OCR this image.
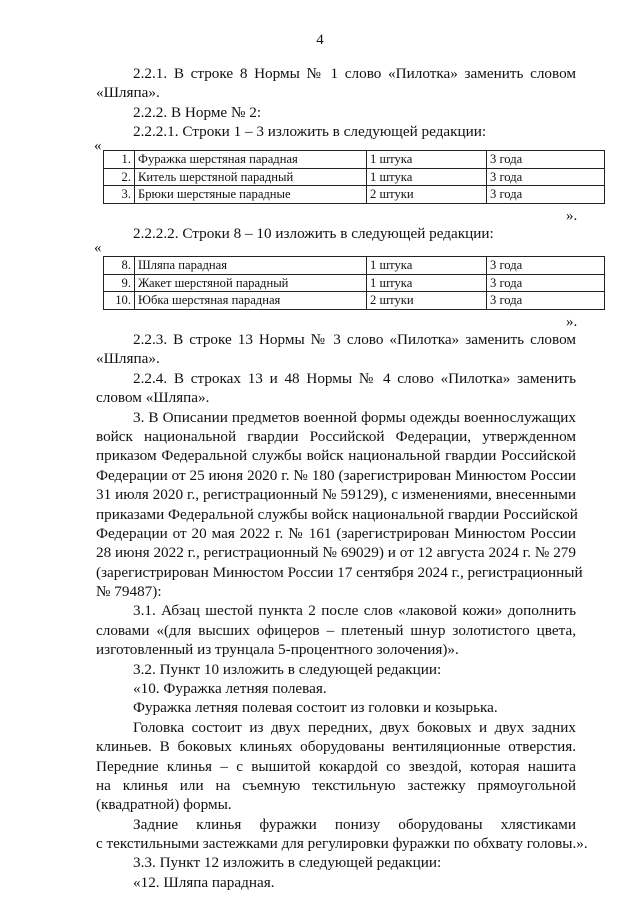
4
2.2.1. В строке 8 Нормы № 1 слово «Пилотка» заменить словом
«Шляпа».
2.2.2. В Норме № 2:
2.2.2.1. Строки 1 – 3 изложить в следующей редакции:
«
1.	Фуражка шерстяная парадная	1 штука	3 года
2.	Китель шерстяной парадный	1 штука	3 года
3.	Брюки шерстяные парадные	2 штуки	3 года
».
2.2.2.2. Строки 8 – 10 изложить в следующей редакции:
«
8.	Шляпа парадная	1 штука	3 года
9.	Жакет шерстяной парадный	1 штука	3 года
10.	Юбка шерстяная парадная	2 штуки	3 года
».
2.2.3. В строке 13 Нормы № 3 слово «Пилотка» заменить словом
«Шляпа».
2.2.4. В строках 13 и 48 Нормы № 4 слово «Пилотка» заменить
словом «Шляпа».
3. В Описании предметов военной формы одежды военнослужащих
войск национальной гвардии Российской Федерации, утвержденном
приказом Федеральной службы войск национальной гвардии Российской
Федерации от 25 июня 2020 г. № 180 (зарегистрирован Минюстом России
31 июля 2020 г., регистрационный № 59129), с изменениями, внесенными
приказами Федеральной службы войск национальной гвардии Российской
Федерации от 20 мая 2022 г. № 161 (зарегистрирован Минюстом России
28 июня 2022 г., регистрационный № 69029) и от 12 августа 2024 г. № 279
(зарегистрирован Минюстом России 17 сентября 2024 г., регистрационный
№ 79487):
3.1. Абзац шестой пункта 2 после слов «лаковой кожи» дополнить
словами «(для высших офицеров – плетеный шнур золотистого цвета,
изготовленный из трунцала 5-процентного золочения)».
3.2. Пункт 10 изложить в следующей редакции:
«10. Фуражка летняя полевая.
Фуражка летняя полевая состоит из головки и козырька.
Головка состоит из двух передних, двух боковых и двух задних
клиньев. В боковых клиньях оборудованы вентиляционные отверстия.
Передние клинья – с вышитой кокардой со звездой, которая нашита
на клинья или на съемную текстильную застежку прямоугольной
(квадратной) формы.
Задние клинья фуражки понизу оборудованы хлястиками
с текстильными застежками для регулировки фуражки по обхвату головы.».
3.3. Пункт 12 изложить в следующей редакции:
«12. Шляпа парадная.
